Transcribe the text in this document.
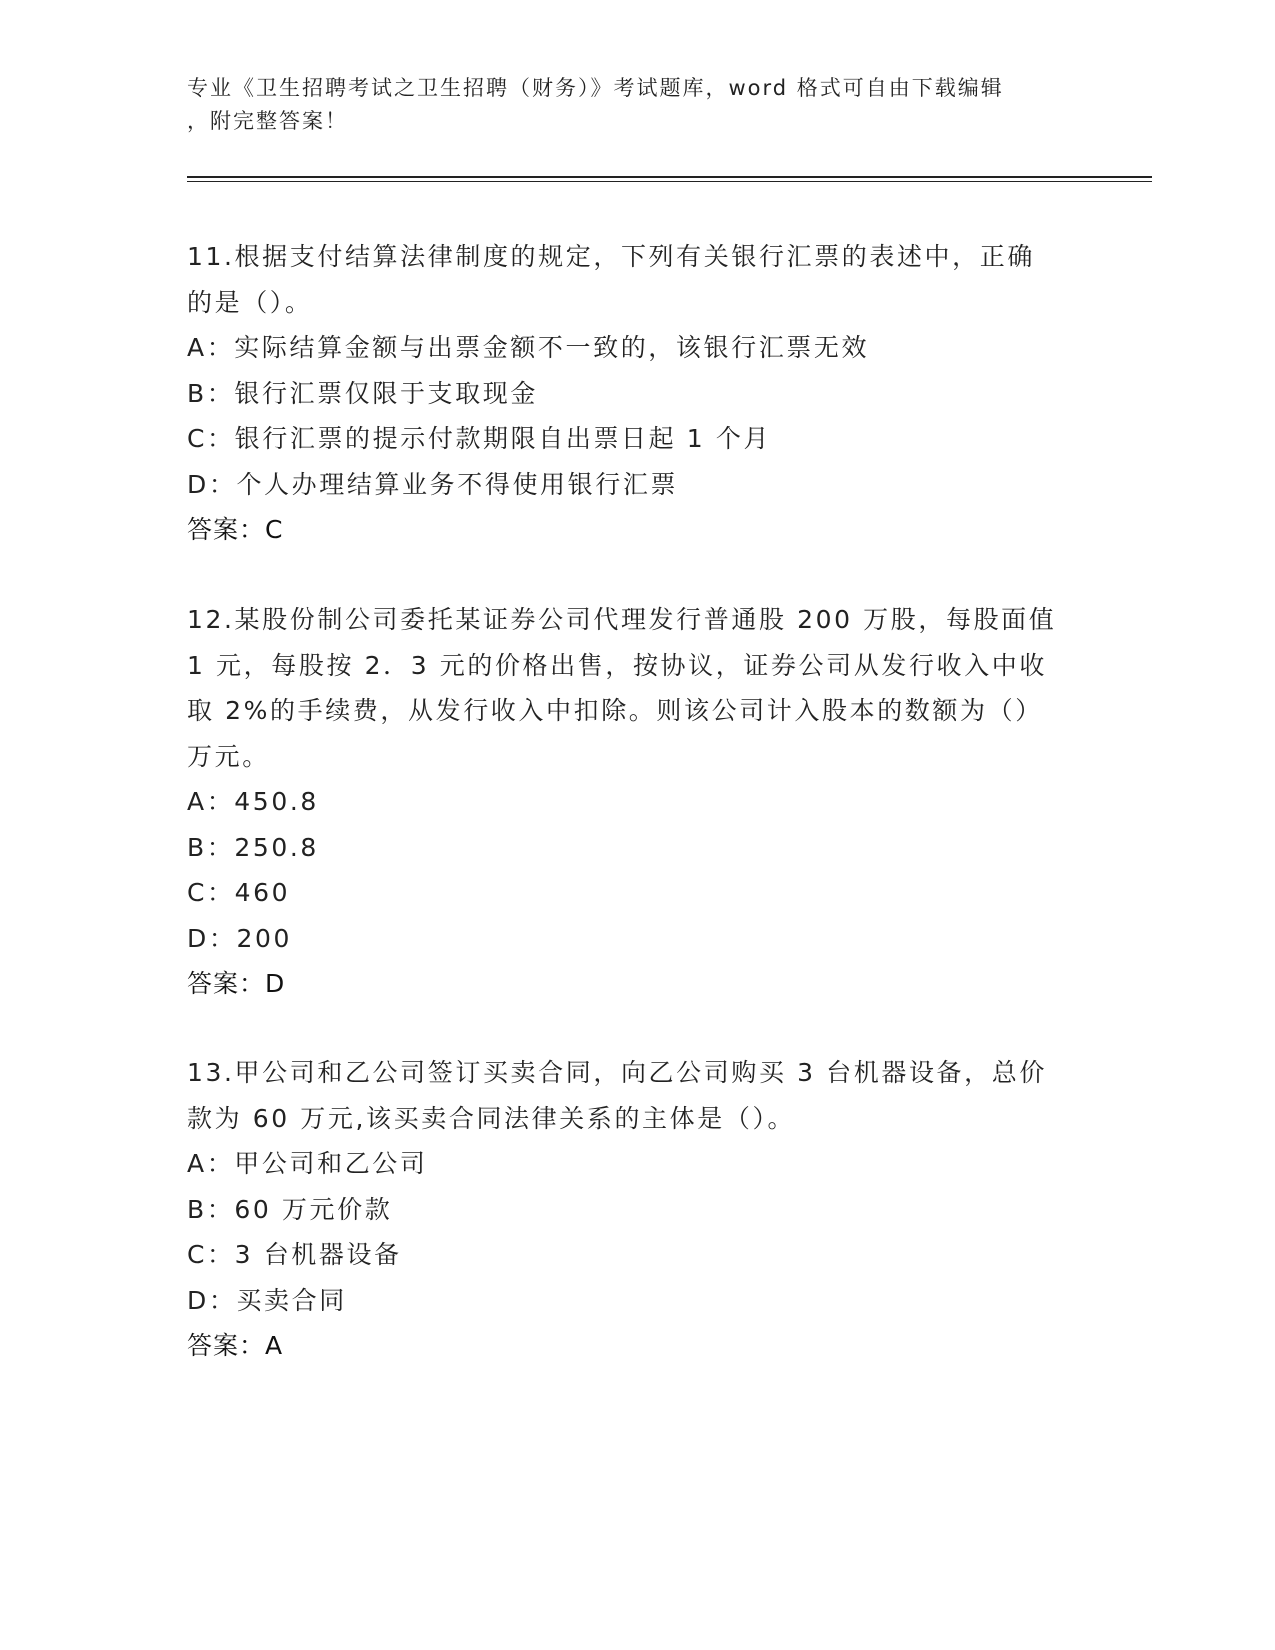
专业《卫生招聘考试之卫生招聘（财务）》考试题库，word 格式可自由下载编辑
，附完整答案！
11.根据支付结算法律制度的规定，下列有关银行汇票的表述中，正确
的是（）。
A：实际结算金额与出票金额不一致的，该银行汇票无效
B：银行汇票仅限于支取现金
C：银行汇票的提示付款期限自出票日起 1 个月
D：个人办理结算业务不得使用银行汇票
答案：C
12.某股份制公司委托某证券公司代理发行普通股 200 万股，每股面值
1 元，每股按 2．3 元的价格出售，按协议，证券公司从发行收入中收
取 2%的手续费，从发行收入中扣除。则该公司计入股本的数额为（）
万元。
A：450.8
B：250.8
C：460
D：200
答案：D
13.甲公司和乙公司签订买卖合同，向乙公司购买 3 台机器设备，总价
款为 60 万元,该买卖合同法律关系的主体是（）。
A：甲公司和乙公司
B：60 万元价款
C：3 台机器设备
D：买卖合同
答案：A
